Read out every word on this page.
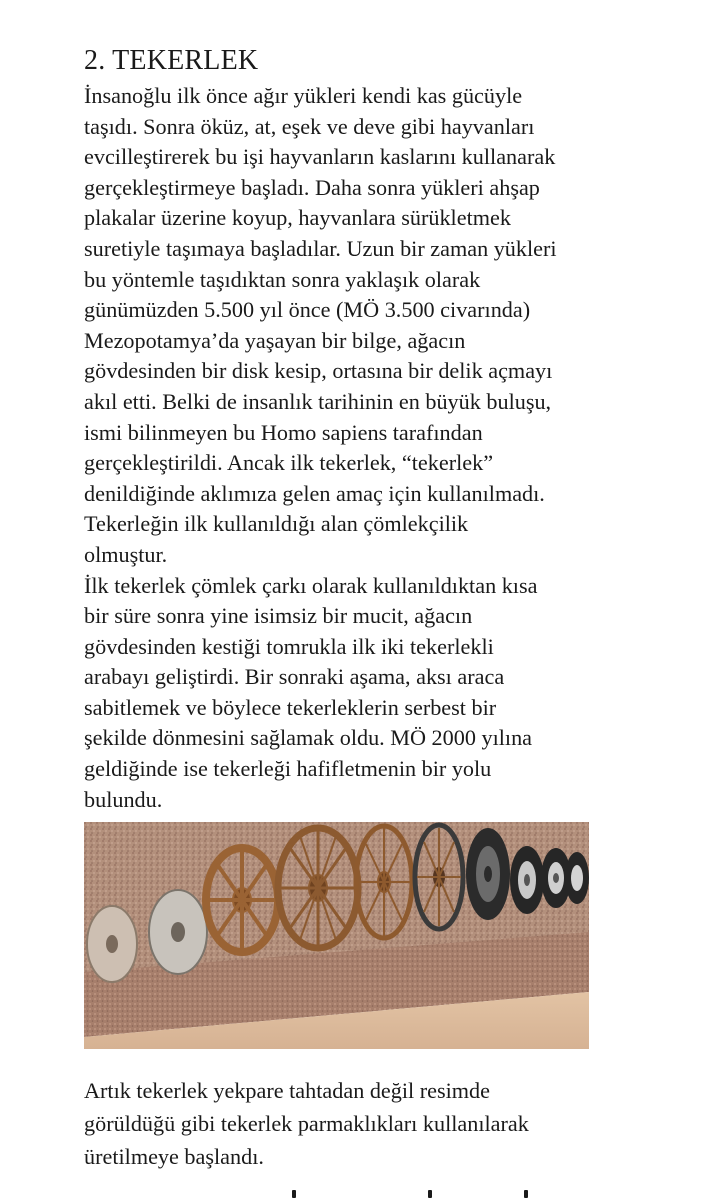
2. TEKERLEK
İnsanoğlu ilk önce ağır yükleri kendi kas gücüyle
taşıdı. Sonra öküz, at, eşek ve deve gibi hayvanları
evcilleştirerek bu işi hayvanların kaslarını kullanarak
gerçekleştirmeye başladı. Daha sonra yükleri ahşap
plakalar üzerine koyup, hayvanlara sürükletmek
suretiyle taşımaya başladılar. Uzun bir zaman yükleri
bu yöntemle taşıdıktan sonra yaklaşık olarak
günümüzden 5.500 yıl önce (MÖ 3.500 civarında)
Mezopotamya’da yaşayan bir bilge, ağacın
gövdesinden bir disk kesip, ortasına bir delik açmayı
akıl etti. Belki de insanlık tarihinin en büyük buluşu,
ismi bilinmeyen bu Homo sapiens tarafından
gerçekleştirildi. Ancak ilk tekerlek, “tekerlek”
denildiğinde aklımıza gelen amaç için kullanılmadı.
Tekerleğin ilk kullanıldığı alan çömlekçilik
olmuştur.
İlk tekerlek çömlek çarkı olarak kullanıldıktan kısa
bir süre sonra yine isimsiz bir mucit, ağacın
gövdesinden kestiği tomrukla ilk iki tekerlekli
arabayı geliştirdi. Bir sonraki aşama, aksı araca
sabitlemek ve böylece tekerleklerin serbest bir
şekilde dönmesini sağlamak oldu. MÖ 2000 yılına
geldiğinde ise tekerleği hafifletmenin bir yolu
bulundu.
Artık tekerlek yekpare tahtadan değil resimde
görüldüğü gibi tekerlek parmaklıkları kullanılarak
üretilmeye başlandı.
